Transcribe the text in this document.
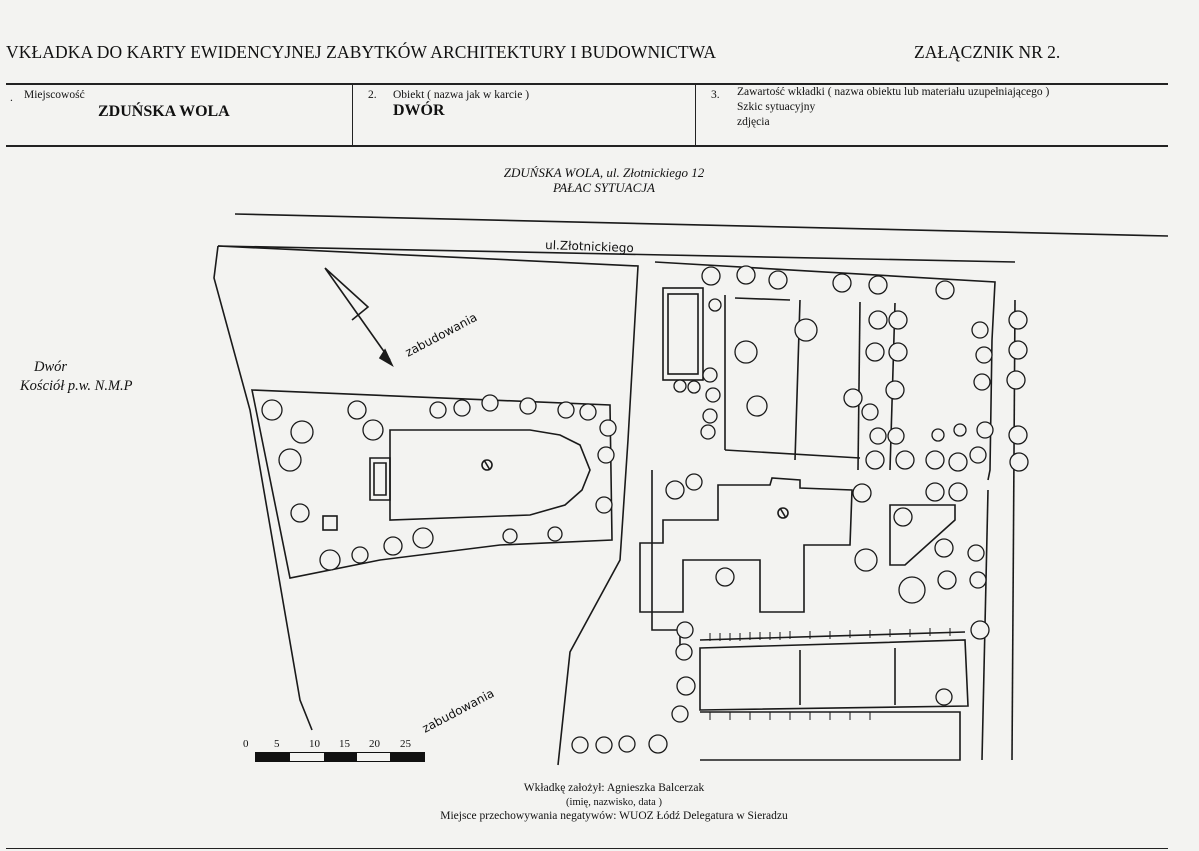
VKŁADKA DO KARTY EWIDENCYJNEJ ZABYTKÓW ARCHITEKTURY I BUDOWNICTWA	ZAŁĄCZNIK NR 2.
. Miejscowość
ZDUŃSKA WOLA
2. Obiekt ( nazwa jak w karcie )
DWÓR
3. Zawartość wkładki ( nazwa obiektu lub materiału uzupełniającego )
Szkic sytuacyjny
zdjęcia
ZDUŃSKA WOLA, ul. Złotnickiego 12
PAŁAC SYTUACJA
Dwór
Kościół p.w. N.M.P
ul.Złotnickiego
zabudowania
zabudowania
0 5	10 15 20 25
Wkładkę założył: Agnieszka Balcerzak
(imię, nazwisko, data )
Miejsce przechowywania negatywów: WUOZ Łódź Delegatura w Sieradzu
